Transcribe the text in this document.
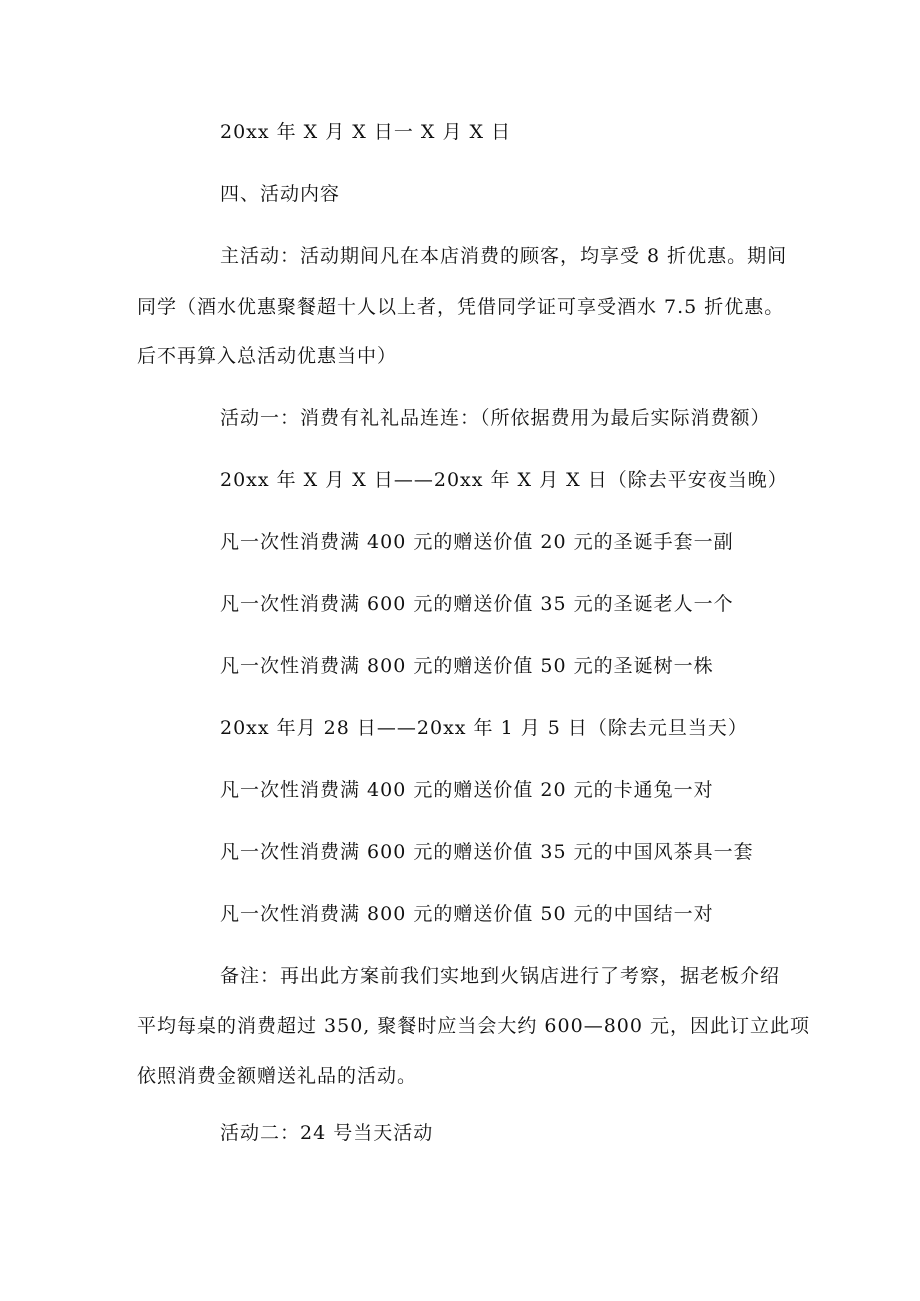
20xx 年 X 月 X 日一 X 月 X 日

四、活动内容

主活动：活动期间凡在本店消费的顾客，均享受 8 折优惠。期间

同学（酒水优惠聚餐超十人以上者，凭借同学证可享受酒水 7.5 折优惠。

后不再算入总活动优惠当中）

活动一：消费有礼礼品连连：（所依据费用为最后实际消费额）

20xx 年 X 月 X 日——20xx 年 X 月 X 日（除去平安夜当晚）

凡一次性消费满 400 元的赠送价值 20 元的圣诞手套一副

凡一次性消费满 600 元的赠送价值 35 元的圣诞老人一个

凡一次性消费满 800 元的赠送价值 50 元的圣诞树一株

20xx 年月 28 日——20xx 年 1 月 5 日（除去元旦当天）

凡一次性消费满 400 元的赠送价值 20 元的卡通兔一对

凡一次性消费满 600 元的赠送价值 35 元的中国风茶具一套

凡一次性消费满 800 元的赠送价值 50 元的中国结一对

备注：再出此方案前我们实地到火锅店进行了考察，据老板介绍

平均每桌的消费超过 350, 聚餐时应当会大约 600—800 元，因此订立此项

依照消费金额赠送礼品的活动。

活动二：24 号当天活动
